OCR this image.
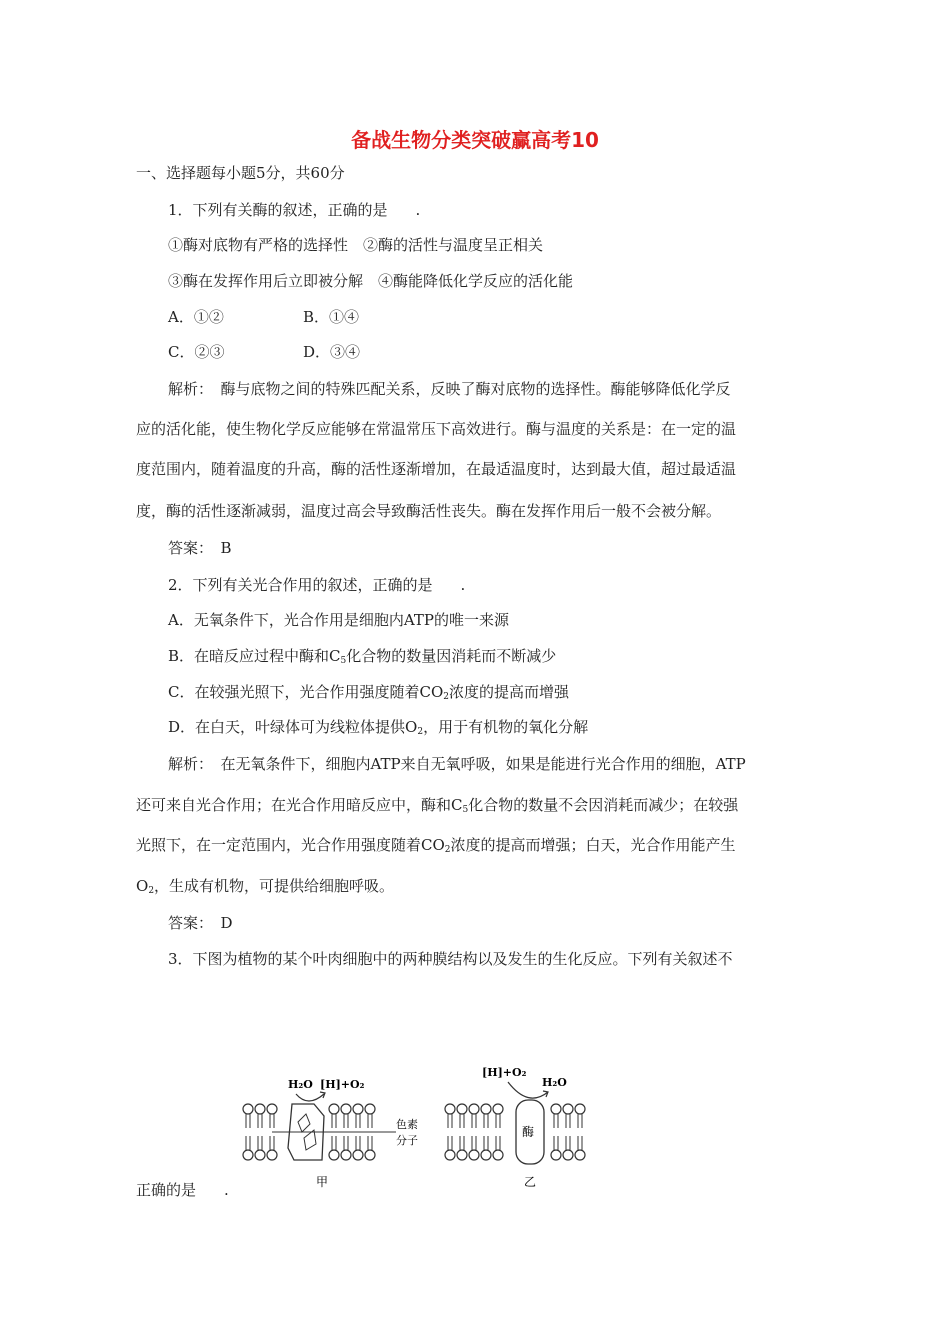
备战生物分类突破赢高考10
一、选择题每小题5分，共60分
1．下列有关酶的叙述，正确的是 .
①酶对底物有严格的选择性　②酶的活性与温度呈正相关
③酶在发挥作用后立即被分解　④酶能降低化学反应的活化能
A．①②	B．①④
C．②③	D．③④
解析：　酶与底物之间的特殊匹配关系，反映了酶对底物的选择性。酶能够降低化学反
应的活化能，使生物化学反应能够在常温常压下高效进行。酶与温度的关系是：在一定的温
度范围内，随着温度的升高，酶的活性逐渐增加，在最适温度时，达到最大值，超过最适温
度，酶的活性逐渐减弱，温度过高会导致酶活性丧失。酶在发挥作用后一般不会被分解。
答案：　B
2．下列有关光合作用的叙述，正确的是 .
A．无氧条件下，光合作用是细胞内ATP的唯一来源
B．在暗反应过程中酶和$C_5$化合物的数量因消耗而不断减少
C．在较强光照下，光合作用强度随着$CO_2$浓度的提高而增强
D．在白天，叶绿体可为线粒体提供$O_2$，用于有机物的氧化分解
解析：　在无氧条件下，细胞内ATP来自无氧呼吸，如果是能进行光合作用的细胞，ATP
还可来自光合作用；在光合作用暗反应中，酶和$C_5$化合物的数量不会因消耗而减少；在较强
光照下，在一定范围内，光合作用强度随着$CO_2$浓度的提高而增强；白天，光合作用能产生
$O_2$，生成有机物，可提供给细胞呼吸。
答案：　D
3．下图为植物的某个叶肉细胞中的两种膜结构以及发生的生化反应。下列有关叙述不
H₂O [H]+O₂
色素
分子
甲
酶
[H]+O₂
H₂O
乙
正确的是 .
